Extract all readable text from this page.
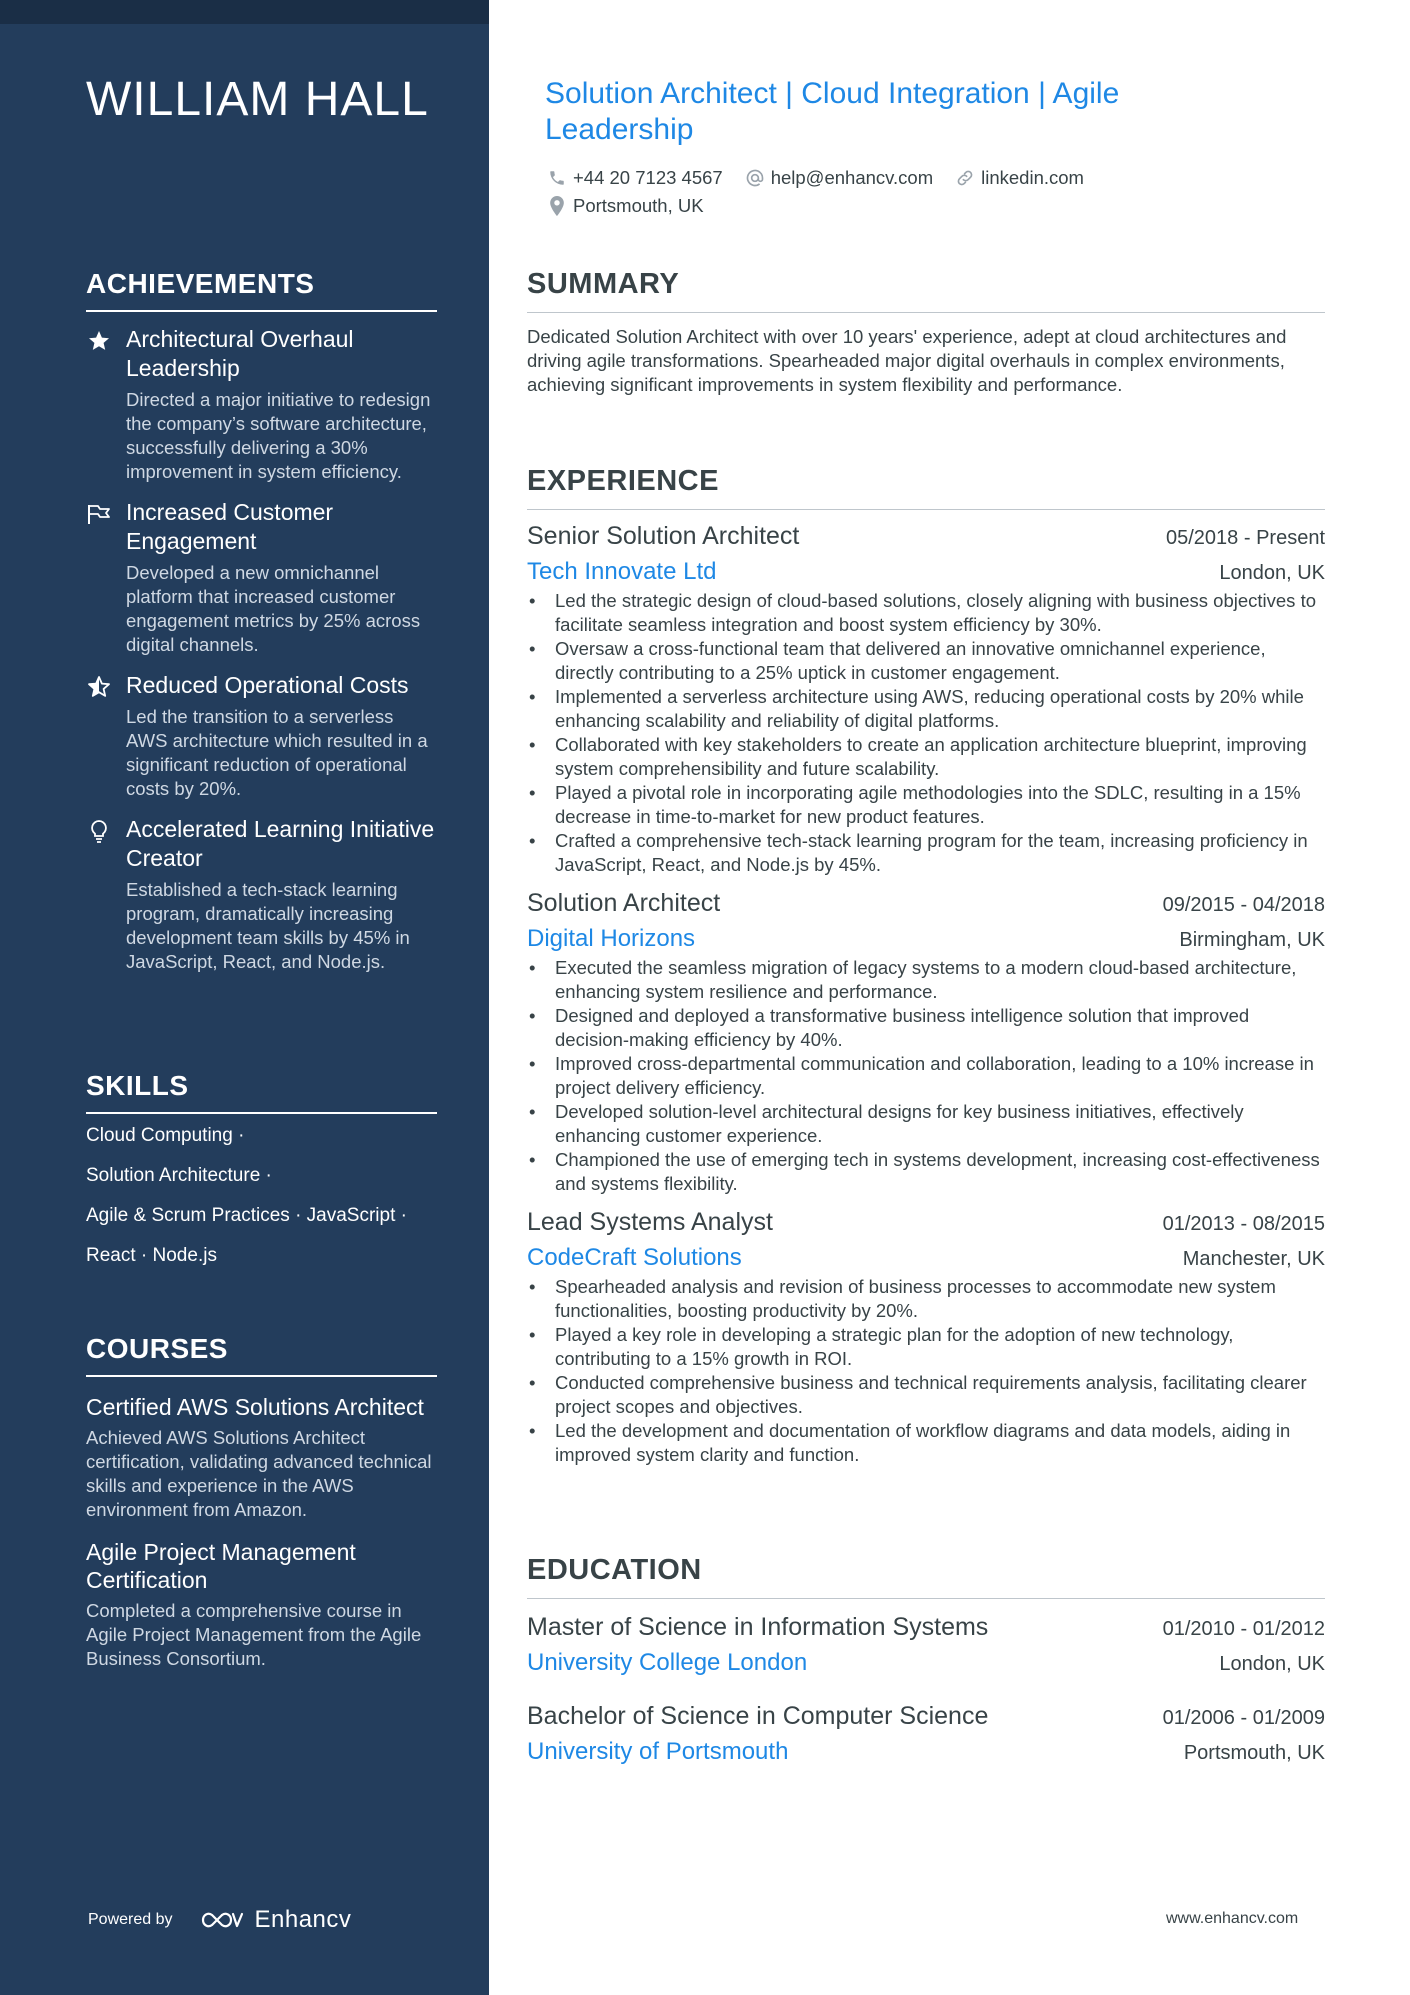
WILLIAM HALL
ACHIEVEMENTS
Architectural Overhaul Leadership
Directed a major initiative to redesign the company’s software architecture, successfully delivering a 30% improvement in system efficiency.
Increased Customer Engagement
Developed a new omnichannel platform that increased customer engagement metrics by 25% across digital channels.
Reduced Operational Costs
Led the transition to a serverless AWS architecture which resulted in a significant reduction of operational costs by 20%.
Accelerated Learning Initiative Creator
Established a tech-stack learning program, dramatically increasing development team skills by 45% in JavaScript, React, and Node.js.
SKILLS
Cloud Computing ·
Solution Architecture ·
Agile & Scrum Practices · JavaScript ·
React · Node.js
COURSES
Certified AWS Solutions Architect
Achieved AWS Solutions Architect certification, validating advanced technical skills and experience in the AWS environment from Amazon.
Agile Project Management Certification
Completed a comprehensive course in Agile Project Management from the Agile Business Consortium.
Powered by	Enhancv
Solution Architect | Cloud Integration | Agile Leadership
+44 20 7123 4567	help@enhancv.com	linkedin.com
Portsmouth, UK
SUMMARY

Dedicated Solution Architect with over 10 years' experience, adept at cloud architectures and driving agile transformations. Spearheaded major digital overhauls in complex environments, achieving significant improvements in system flexibility and performance.

EXPERIENCE
Senior Solution Architect	05/2018 - Present
Tech Innovate Ltd	London, UK
• Led the strategic design of cloud-based solutions, closely aligning with business objectives to facilitate seamless integration and boost system efficiency by 30%.
• Oversaw a cross-functional team that delivered an innovative omnichannel experience, directly contributing to a 25% uptick in customer engagement.
• Implemented a serverless architecture using AWS, reducing operational costs by 20% while enhancing scalability and reliability of digital platforms.
• Collaborated with key stakeholders to create an application architecture blueprint, improving system comprehensibility and future scalability.
• Played a pivotal role in incorporating agile methodologies into the SDLC, resulting in a 15% decrease in time-to-market for new product features.
• Crafted a comprehensive tech-stack learning program for the team, increasing proficiency in JavaScript, React, and Node.js by 45%.
Solution Architect	09/2015 - 04/2018
Digital Horizons	Birmingham, UK
• Executed the seamless migration of legacy systems to a modern cloud-based architecture, enhancing system resilience and performance.
• Designed and deployed a transformative business intelligence solution that improved decision-making efficiency by 40%.
• Improved cross-departmental communication and collaboration, leading to a 10% increase in project delivery efficiency.
• Developed solution-level architectural designs for key business initiatives, effectively enhancing customer experience.
• Championed the use of emerging tech in systems development, increasing cost-effectiveness and systems flexibility.
Lead Systems Analyst	01/2013 - 08/2015
CodeCraft Solutions	Manchester, UK
• Spearheaded analysis and revision of business processes to accommodate new system functionalities, boosting productivity by 20%.
• Played a key role in developing a strategic plan for the adoption of new technology, contributing to a 15% growth in ROI.
• Conducted comprehensive business and technical requirements analysis, facilitating clearer project scopes and objectives.
• Led the development and documentation of workflow diagrams and data models, aiding in improved system clarity and function.
EDUCATION
Master of Science in Information Systems	01/2010 - 01/2012
University College London	London, UK
Bachelor of Science in Computer Science	01/2006 - 01/2009
University of Portsmouth	Portsmouth, UK
www.enhancv.com
